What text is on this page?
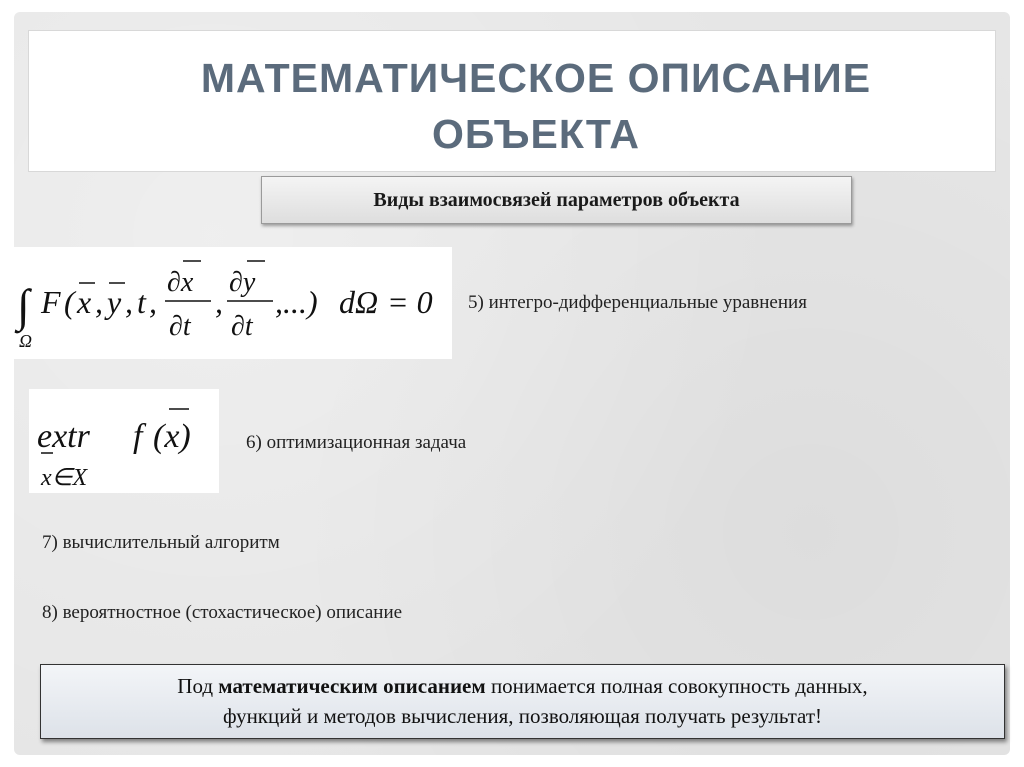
МАТЕМАТИЧЕСКОЕ ОПИСАНИЕ
ОБЪЕКТА
Виды взаимосвязей параметров объекта
∫
Ω
F ( x , y , t ,
∂x
∂t
,
∂y
∂t
,...) dΩ = 0 5) интегро-дифференциальные уравнения
extr f (x)
x∈X
6) оптимизационная задача
7) вычислительный алгоритм
8) вероятностное (стохастическое) описание
Под математическим описанием понимается полная совокупность данных,
функций и методов вычисления, позволяющая получать результат!
